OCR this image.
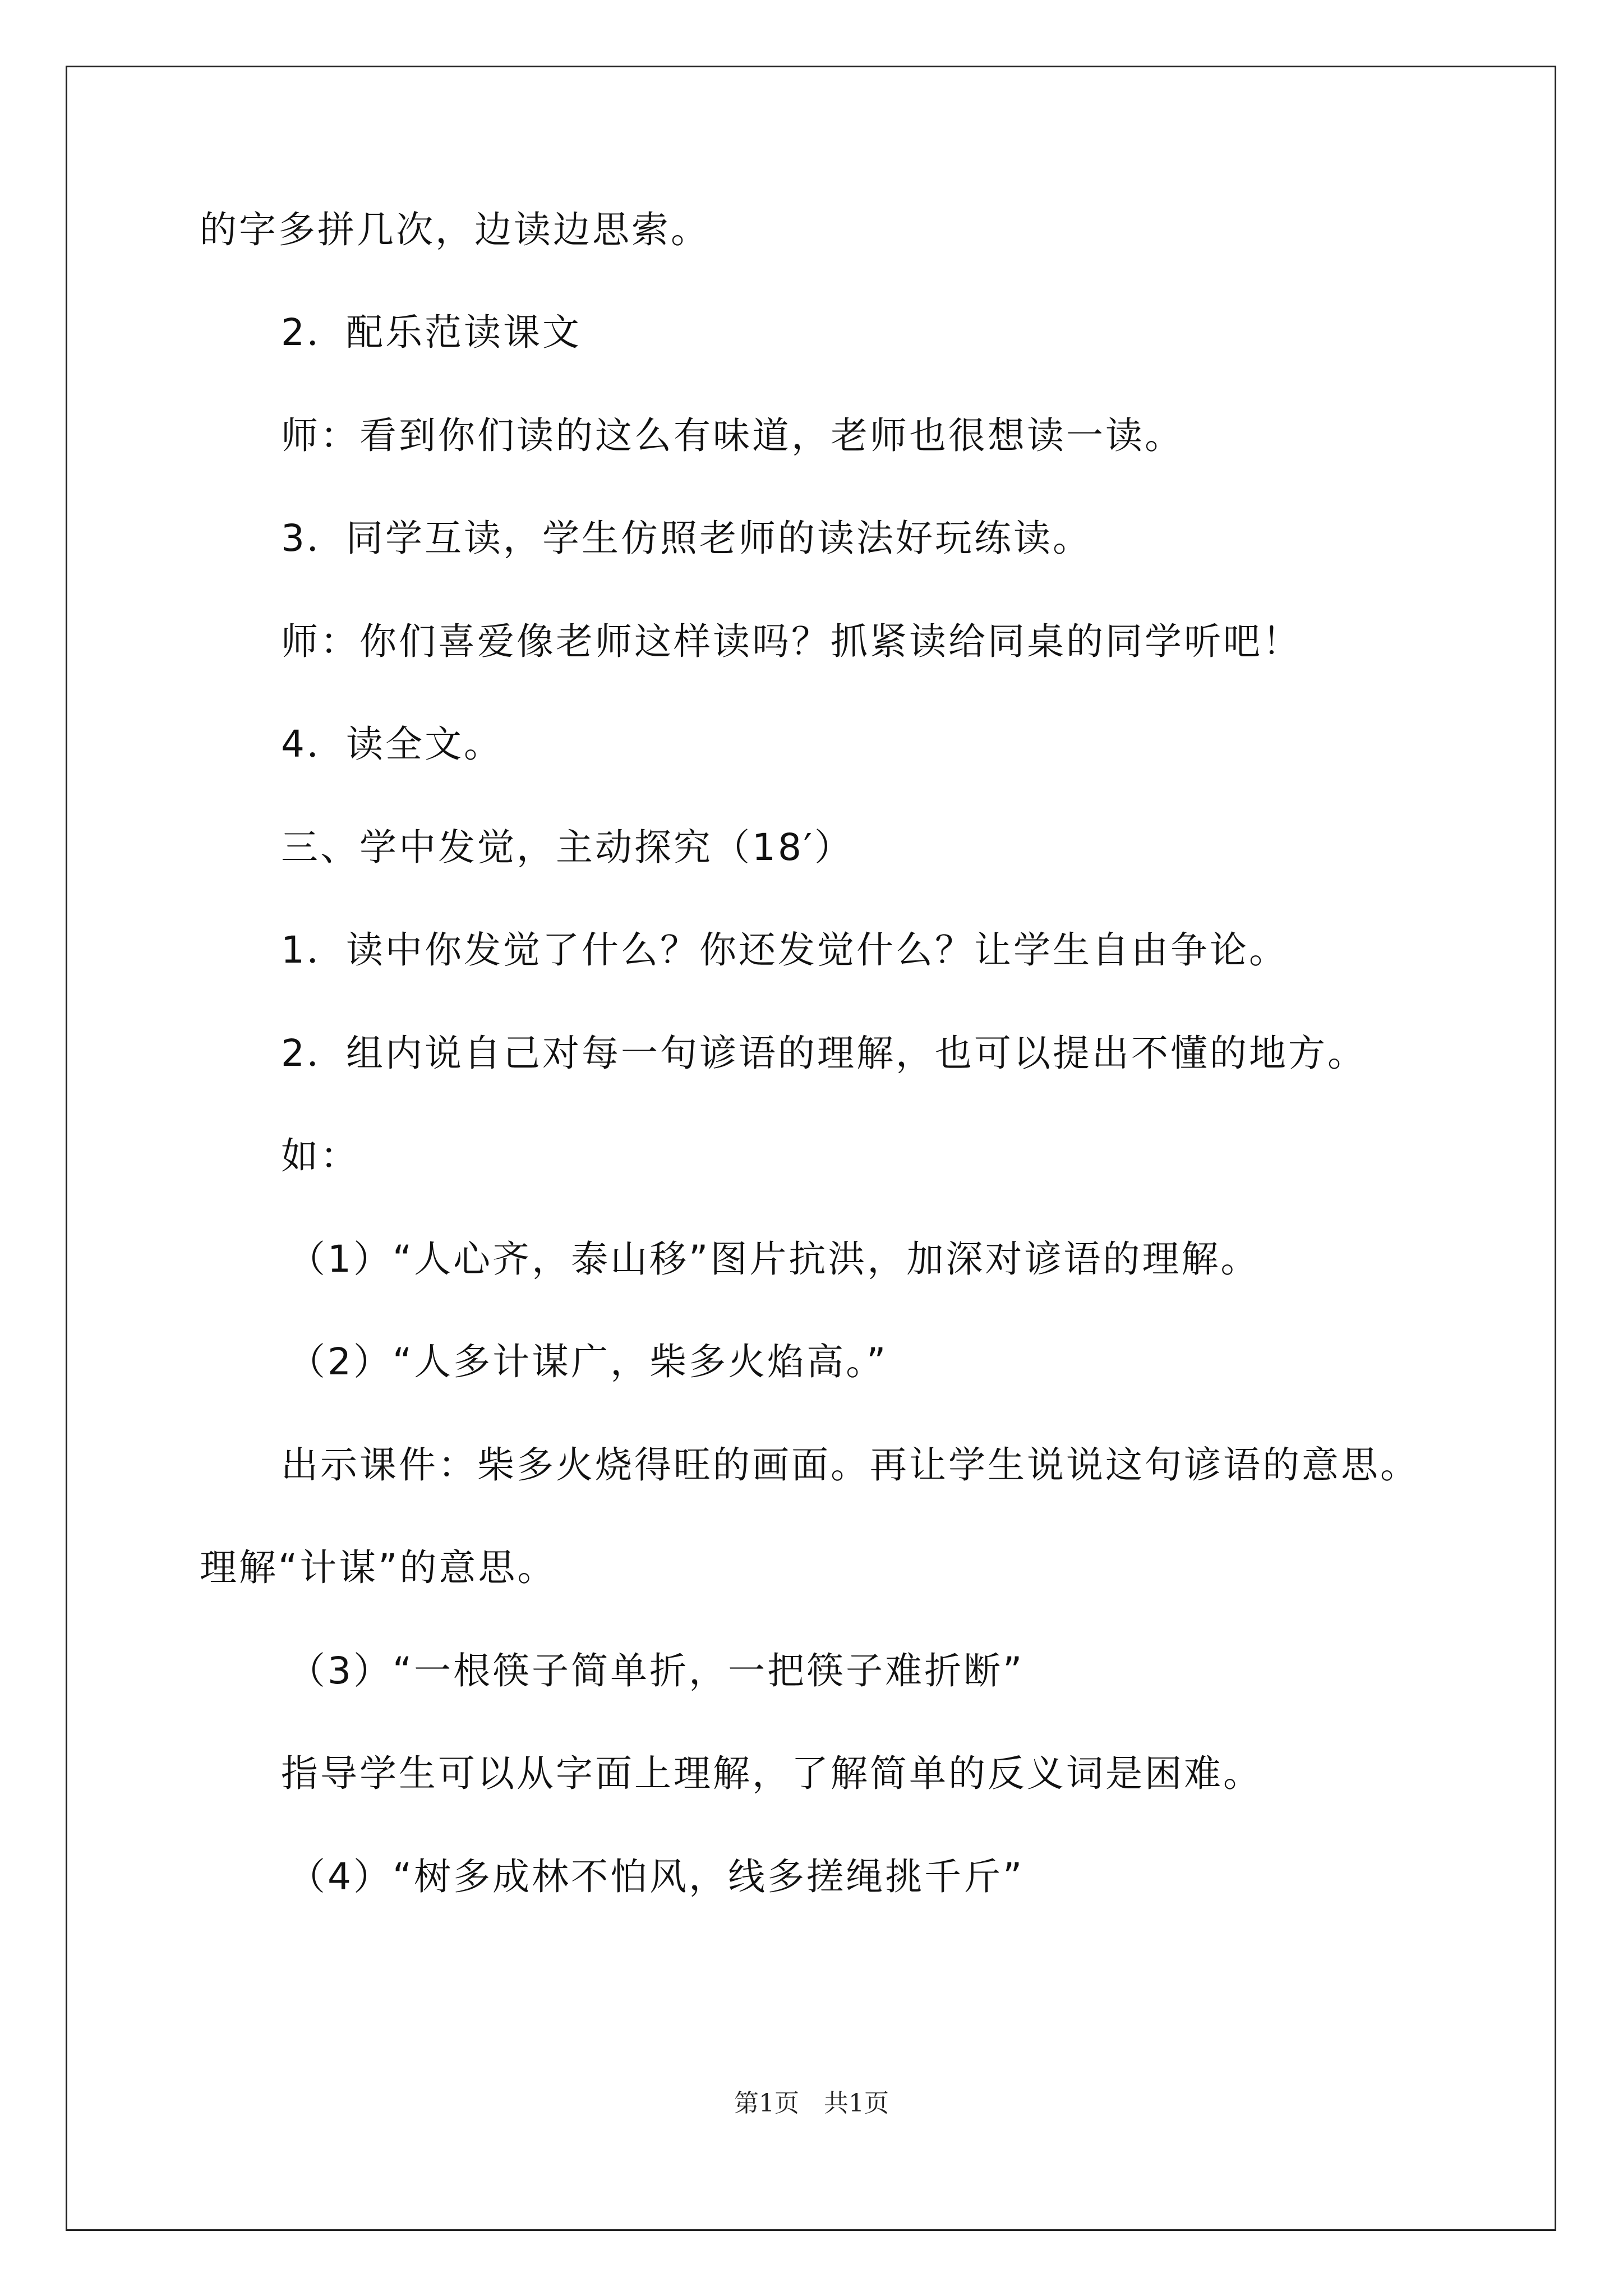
的字多拼几次，边读边思索。
2．配乐范读课文
师：看到你们读的这么有味道，老师也很想读一读。
3．同学互读，学生仿照老师的读法好玩练读。
师：你们喜爱像老师这样读吗？抓紧读给同桌的同学听吧！
4．读全文。
三、学中发觉，主动探究（18′）
1．读中你发觉了什么？你还发觉什么？让学生自由争论。
2．组内说自己对每一句谚语的理解，也可以提出不懂的地方。
如：
（1）“人心齐，泰山移”图片抗洪，加深对谚语的理解。
（2）“人多计谋广，柴多火焰高。”
出示课件：柴多火烧得旺的画面。再让学生说说这句谚语的意思。
理解“计谋”的意思。
（3）“一根筷子简单折，一把筷子难折断”
指导学生可以从字面上理解，了解简单的反义词是困难。
（4）“树多成林不怕风，线多搓绳挑千斤”
第1页　共1页
